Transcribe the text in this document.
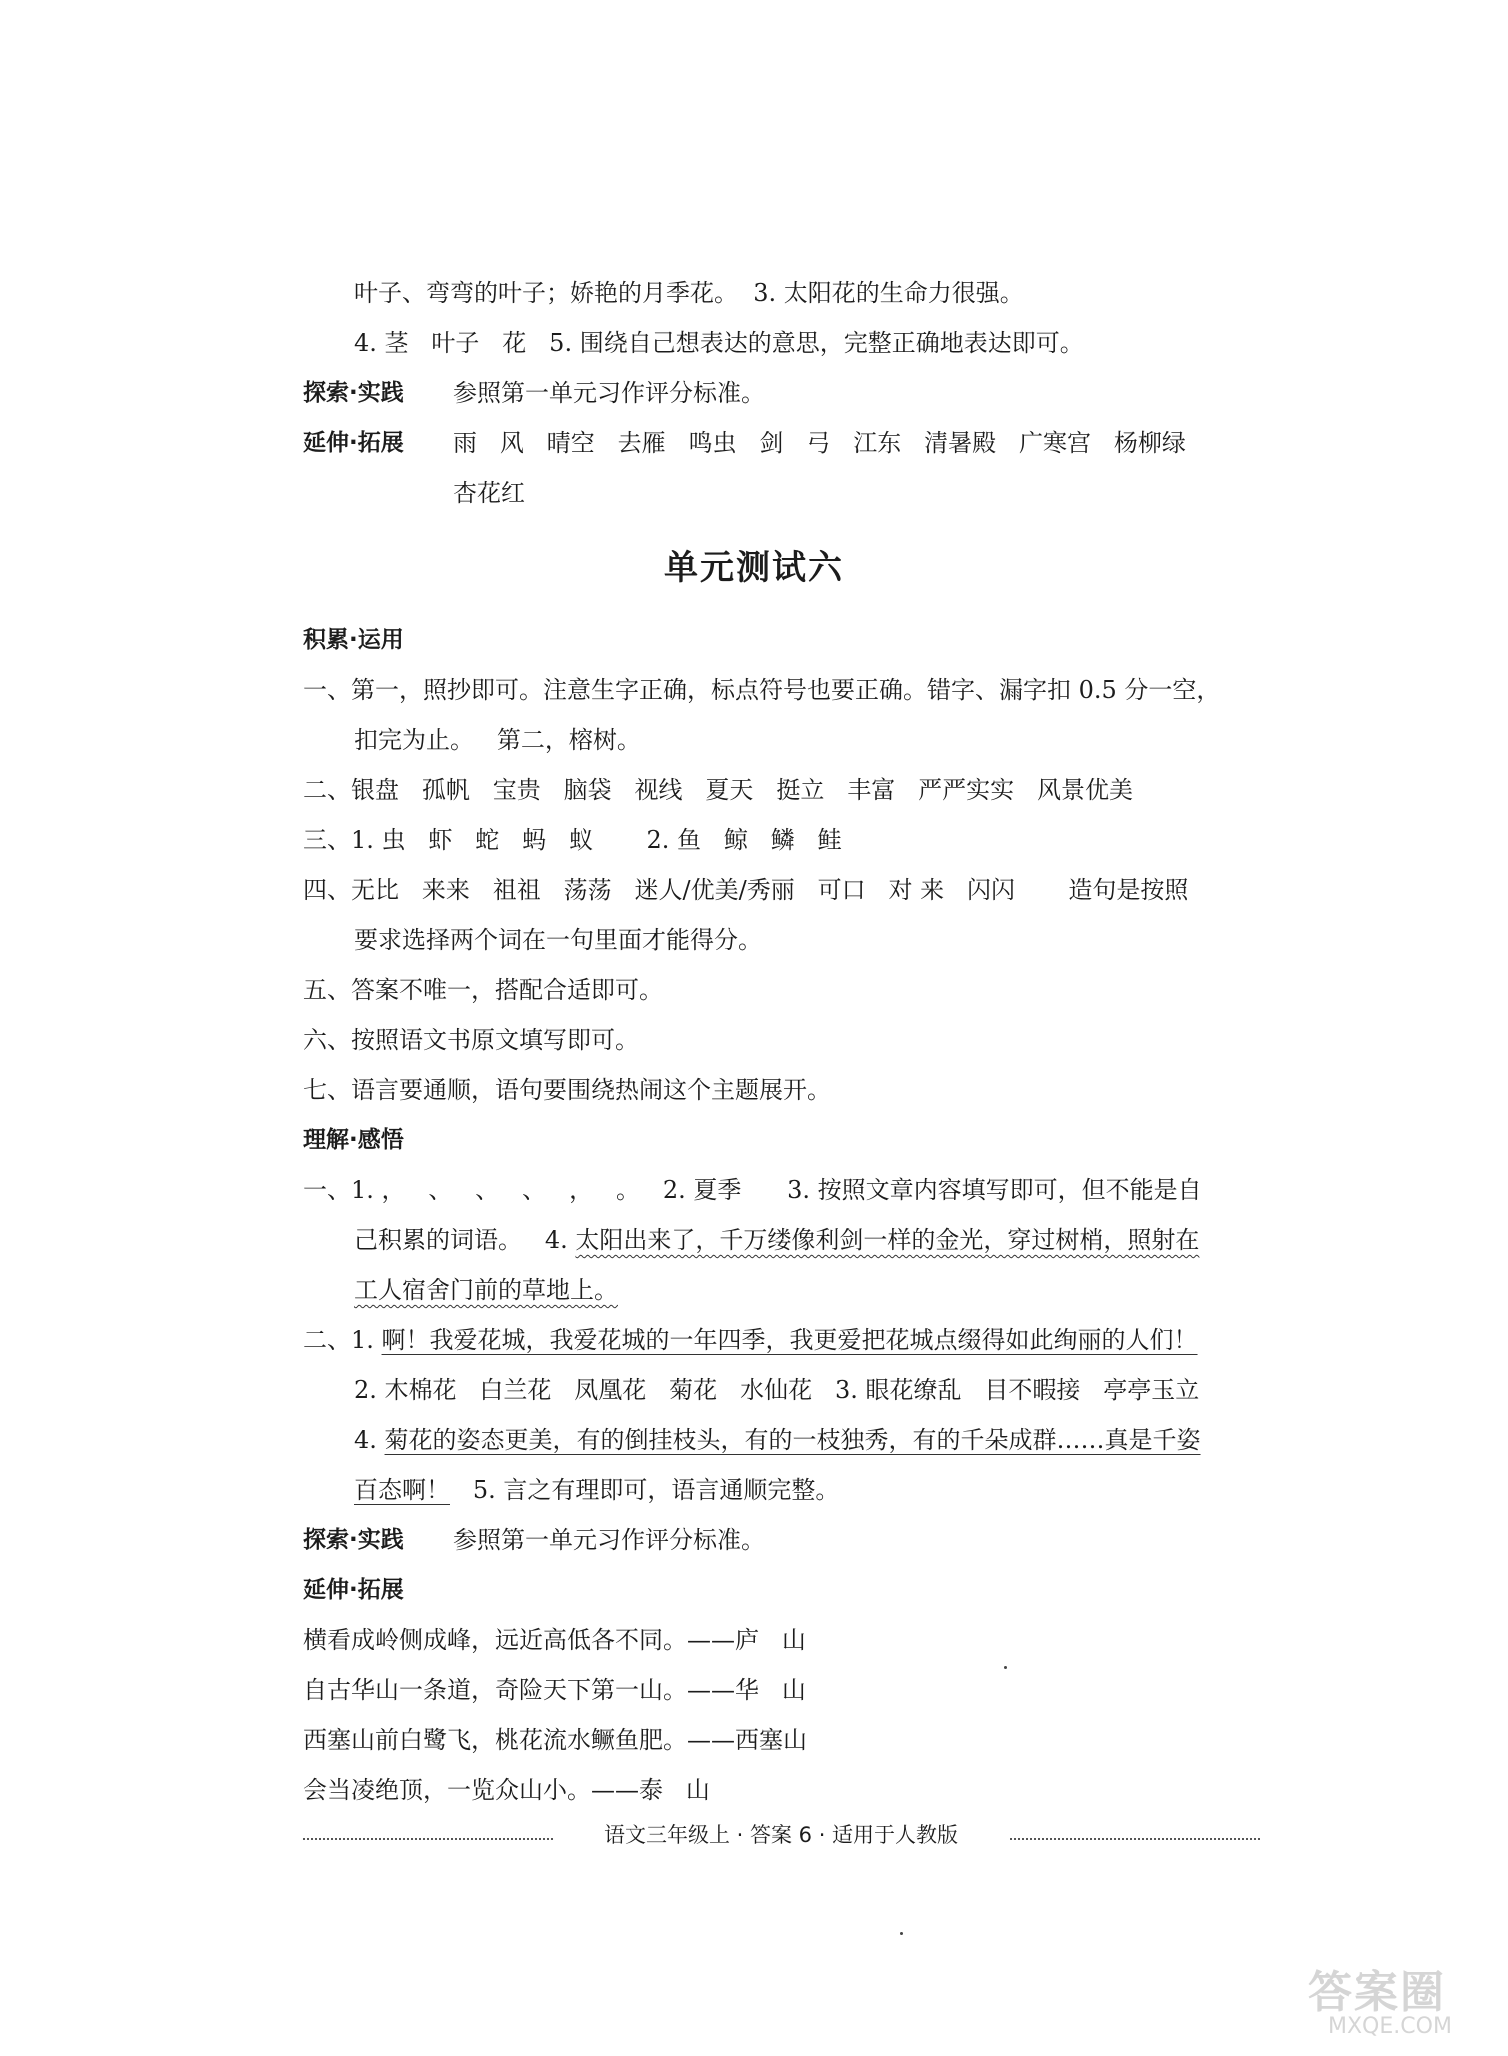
叶子、弯弯的叶子；娇艳的月季花。  3. 太阳花的生命力很强。
4. 茎   叶子   花   5. 围绕自己想表达的意思，完整正确地表达即可。
探索·实践 参照第一单元习作评分标准。
延伸·拓展 雨   风   晴空   去雁   鸣虫   剑   弓   江东   清暑殿   广寒宫   杨柳绿
杏花红
单元测试六
积累·运用
一、第一，照抄即可。注意生字正确，标点符号也要正确。错字、漏字扣 0.5 分一空，
扣完为止。   第二，榕树。
二、银盘   孤帆   宝贵   脑袋   视线   夏天   挺立   丰富   严严实实   风景优美
三、1. 虫   虾   蛇   蚂   蚁       2. 鱼   鲸   鳞   鲑
四、无比   来来   祖祖   荡荡   迷人/优美/秀丽   可口   对 来   闪闪       造句是按照
要求选择两个词在一句里面才能得分。
五、答案不唯一，搭配合适即可。
六、按照语文书原文填写即可。
七、语言要通顺，语句要围绕热闹这个主题展开。
理解·感悟
一、1. ，   、   、   、   ，   。   2. 夏季      3. 按照文章内容填写即可，但不能是自
己积累的词语。   4. 太阳出来了，千万缕像利剑一样的金光，穿过树梢，照射在
工人宿舍门前的草地上。
二、1. 啊！我爱花城，我爱花城的一年四季，我更爱把花城点缀得如此绚丽的人们！
2. 木棉花   白兰花   凤凰花   菊花   水仙花   3. 眼花缭乱   目不暇接   亭亭玉立
4. 菊花的姿态更美，有的倒挂枝头，有的一枝独秀，有的千朵成群……真是千姿
百态啊！   5. 言之有理即可，语言通顺完整。
探索·实践 参照第一单元习作评分标准。
延伸·拓展
横看成岭侧成峰，远近高低各不同。——庐   山
自古华山一条道，奇险天下第一山。——华   山
西塞山前白鹭飞，桃花流水鳜鱼肥。——西塞山
会当凌绝顶，一览众山小。——泰   山
语文三年级上 · 答案 6 · 适用于人教版
答案圈
MXQE.COM
